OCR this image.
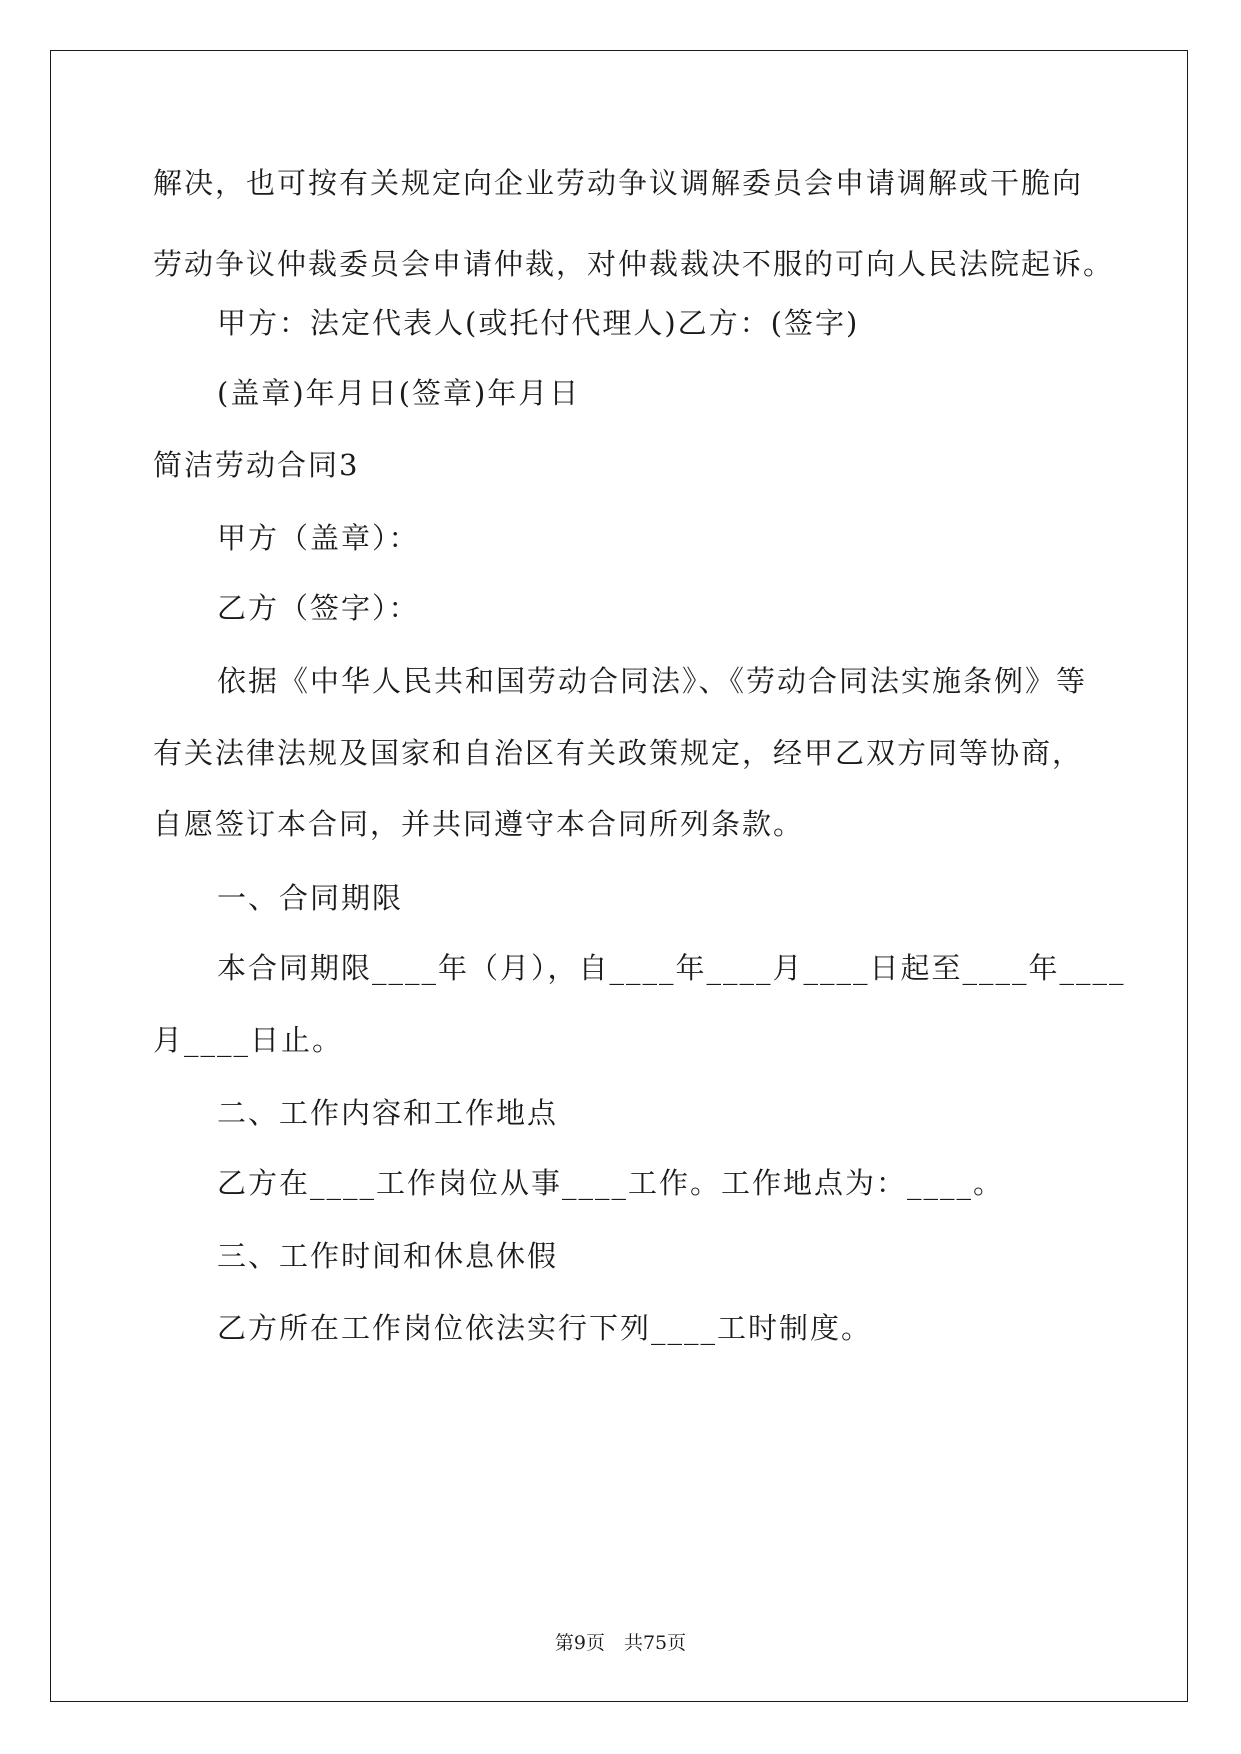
解决，也可按有关规定向企业劳动争议调解委员会申请调解或干脆向
劳动争议仲裁委员会申请仲裁，对仲裁裁决不服的可向人民法院起诉。
甲方：法定代表人(或托付代理人)乙方：(签字)
(盖章)年月日(签章)年月日
简洁劳动合同3
甲方（盖章）：
乙方（签字）：
依据《中华人民共和国劳动合同法》、《劳动合同法实施条例》等
有关法律法规及国家和自治区有关政策规定，经甲乙双方同等协商，
自愿签订本合同，并共同遵守本合同所列条款。
一、合同期限
本合同期限____年（月），自____年____月____日起至____年____
月____日止。
二、工作内容和工作地点
乙方在____工作岗位从事____工作。工作地点为：____。
三、工作时间和休息休假
乙方所在工作岗位依法实行下列____工时制度。
第9页　共75页
